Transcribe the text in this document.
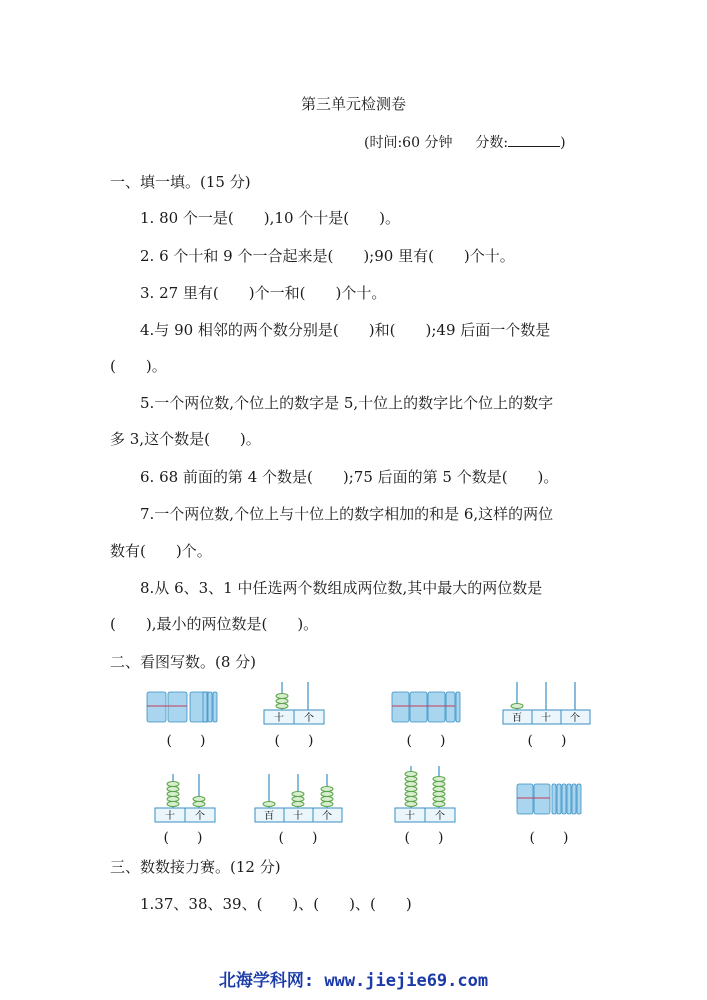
第三单元检测卷
(时间:60 分钟 分数:	)
一、填一填。(15 分)
1. 80 个一是(　　),10 个十是(　　)。
2. 6 个十和 9 个一合起来是(　　);90 里有(　　)个十。
3. 27 里有(　　)个一和(　　)个十。
4.与 90 相邻的两个数分别是(　　)和(　　);49 后面一个数是
(　　)。
5.一个两位数,个位上的数字是 5,十位上的数字比个位上的数字
多 3,这个数是(　　)。
6. 68 前面的第 4 个数是(　　);75 后面的第 5 个数是(　　)。
7.一个两位数,个位上与十位上的数字相加的和是 6,这样的两位
数有(　　)个。
8.从 6、3、1 中任选两个数组成两位数,其中最大的两位数是
(　　),最小的两位数是(　　)。
二、看图写数。(8 分)
(　　)
十 个
(　　)	(　　)
百 十 个
(　　)
十 个
(　　)
百 十 个
(　　)
十 个
(　　)	(　　)
三、数数接力赛。(12 分)
1.37、38、39、(　　)、(　　)、(　　)
北海学科网: www.jiejie69.com
